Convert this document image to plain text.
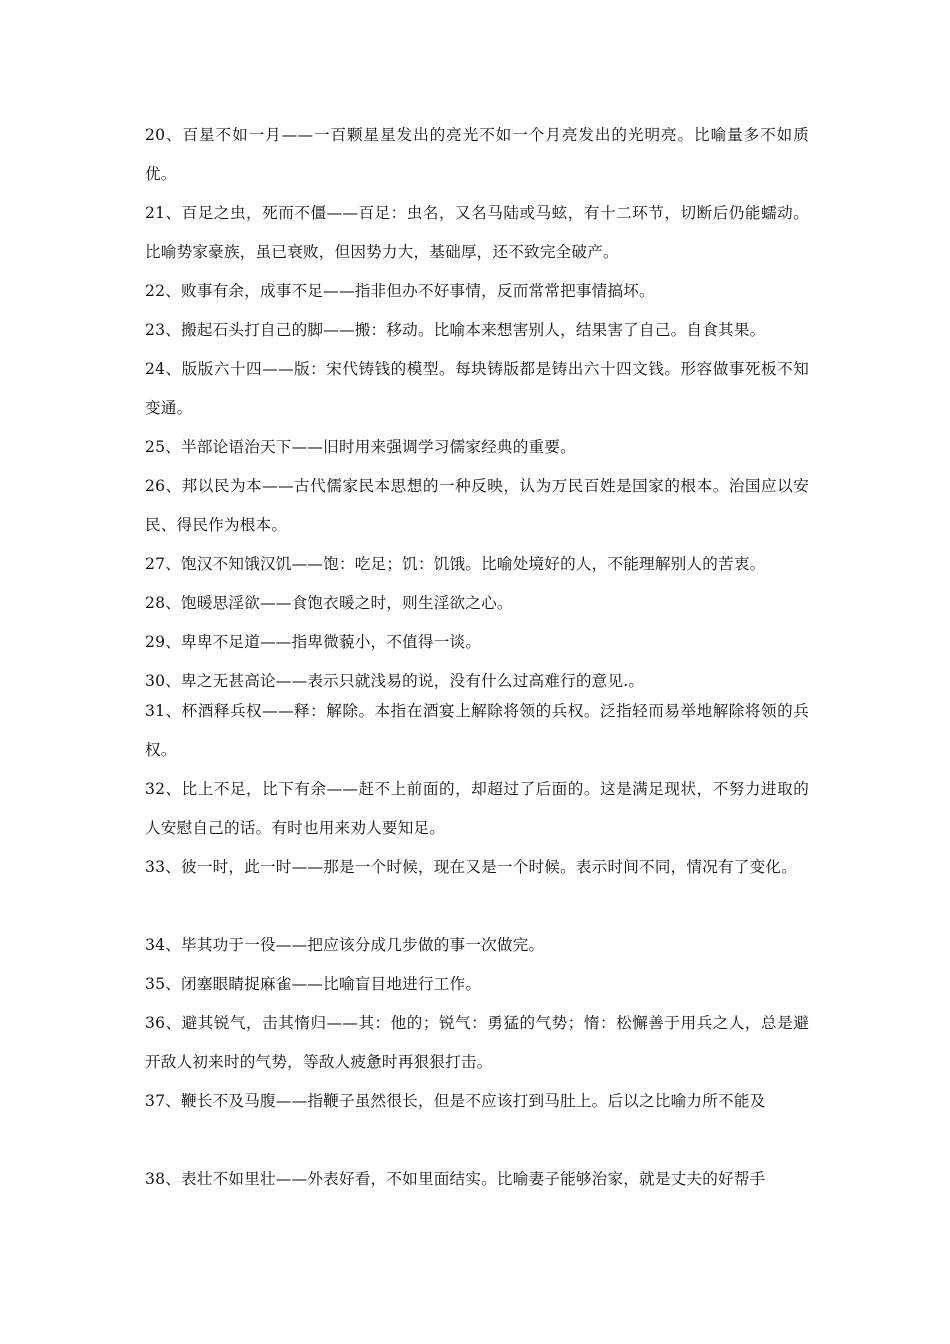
20、百星不如一月——一百颗星星发出的亮光不如一个月亮发出的光明亮。比喻量多不如质优。

21、百足之虫，死而不僵——百足：虫名，又名马陆或马蚿，有十二环节，切断后仍能蠕动。比喻势家豪族，虽已衰败，但因势力大，基础厚，还不致完全破产。

22、败事有余，成事不足——指非但办不好事情，反而常常把事情搞坏。

23、搬起石头打自己的脚——搬：移动。比喻本来想害别人，结果害了自己。自食其果。

24、版版六十四——版：宋代铸钱的模型。每块铸版都是铸出六十四文钱。形容做事死板不知变通。

25、半部论语治天下——旧时用来强调学习儒家经典的重要。

26、邦以民为本——古代儒家民本思想的一种反映，认为万民百姓是国家的根本。治国应以安民、得民作为根本。

27、饱汉不知饿汉饥——饱：吃足；饥：饥饿。比喻处境好的人，不能理解别人的苦衷。

28、饱暖思淫欲——食饱衣暖之时，则生淫欲之心。

29、卑卑不足道——指卑微藐小，不值得一谈。

30、卑之无甚高论——表示只就浅易的说，没有什么过高难行的意见.。

31、杯酒释兵权——释：解除。本指在酒宴上解除将领的兵权。泛指轻而易举地解除将领的兵权。

32、比上不足，比下有余——赶不上前面的，却超过了后面的。这是满足现状，不努力进取的人安慰自己的话。有时也用来劝人要知足。

33、彼一时，此一时——那是一个时候，现在又是一个时候。表示时间不同，情况有了变化。

34、毕其功于一役——把应该分成几步做的事一次做完。

35、闭塞眼睛捉麻雀——比喻盲目地进行工作。

36、避其锐气，击其惰归——其：他的；锐气：勇猛的气势；惰：松懈善于用兵之人，总是避开敌人初来时的气势，等敌人疲惫时再狠狠打击。

37、鞭长不及马腹——指鞭子虽然很长，但是不应该打到马肚上。后以之比喻力所不能及

38、表壮不如里壮——外表好看，不如里面结实。比喻妻子能够治家，就是丈夫的好帮手
